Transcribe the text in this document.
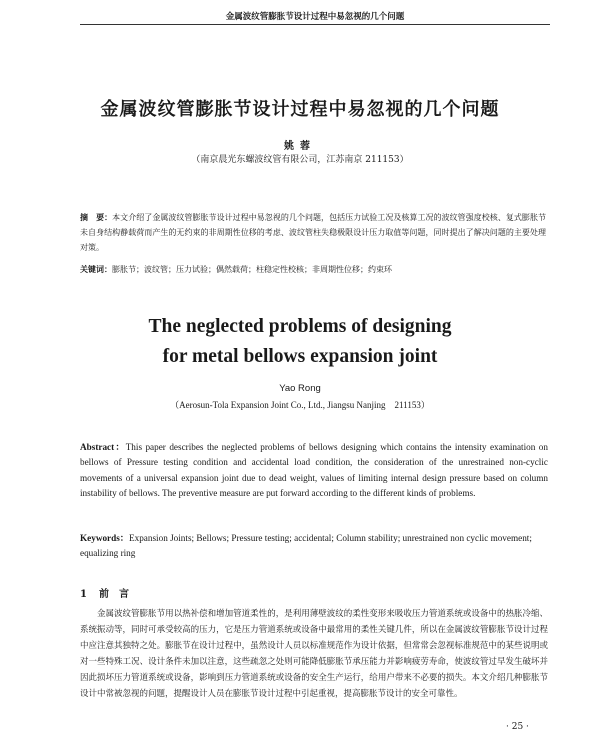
金属波纹管膨胀节设计过程中易忽视的几个问题
金属波纹管膨胀节设计过程中易忽视的几个问题
姚蓉
（南京晨光东螺波纹管有限公司，江苏南京 211153）
摘　要：本文介绍了金属波纹管膨胀节设计过程中易忽视的几个问题，包括压力试验工况及核算工况的波纹管强度校核、复式膨胀节未自身结构静载荷而产生的无约束的非周期性位移的考虑、波纹管柱失稳极限设计压力取值等问题，同时提出了解决问题的主要处理对策。
关键词：膨胀节；波纹管；压力试验；偶然载荷；柱稳定性校核；非周期性位移；约束环
The neglected problems of designing
for metal bellows expansion joint
Yao Rong
（Aerosun-Tola Expansion Joint Co., Ltd., Jiangsu Nanjing　211153）
Abstract：This paper describes the neglected problems of bellows designing which contains the intensity examination on bellows of Pressure testing condition and accidental load condition, the consideration of the unrestrained non-cyclic movements of a universal expansion joint due to dead weight, values of limiting internal design pressure based on column instability of bellows. The preventive measure are put forward according to the different kinds of problems.
Keywords：Expansion Joints; Bellows; Pressure testing; accidental; Column stability; unrestrained non cyclic movement; equalizing ring
1 前　言
金属波纹管膨胀节用以热补偿和增加管道柔性的，是利用薄壁波纹的柔性变形来吸收压力管道系统或设备中的热胀冷缩、系统振动等，同时可承受较高的压力，它是压力管道系统或设备中最常用的柔性关键几件，所以在金属波纹管膨胀节设计过程中应注意其独特之处。膨胀节在设计过程中，虽然设计人员以标准规范作为设计依据，但常常会忽视标准规范中的某些说明或对一些特殊工况、设计条件未加以注意，这些疏忽之处则可能降低膨胀节承压能力并影响疲劳寿命，使波纹管过早发生破坏并因此损坏压力管道系统或设备，影响到压力管道系统或设备的安全生产运行，给用户带来不必要的损失。本文介绍几种膨胀节设计中常被忽视的问题，提醒设计人员在膨胀节设计过程中引起重视，提高膨胀节设计的安全可靠性。
· 25 ·
